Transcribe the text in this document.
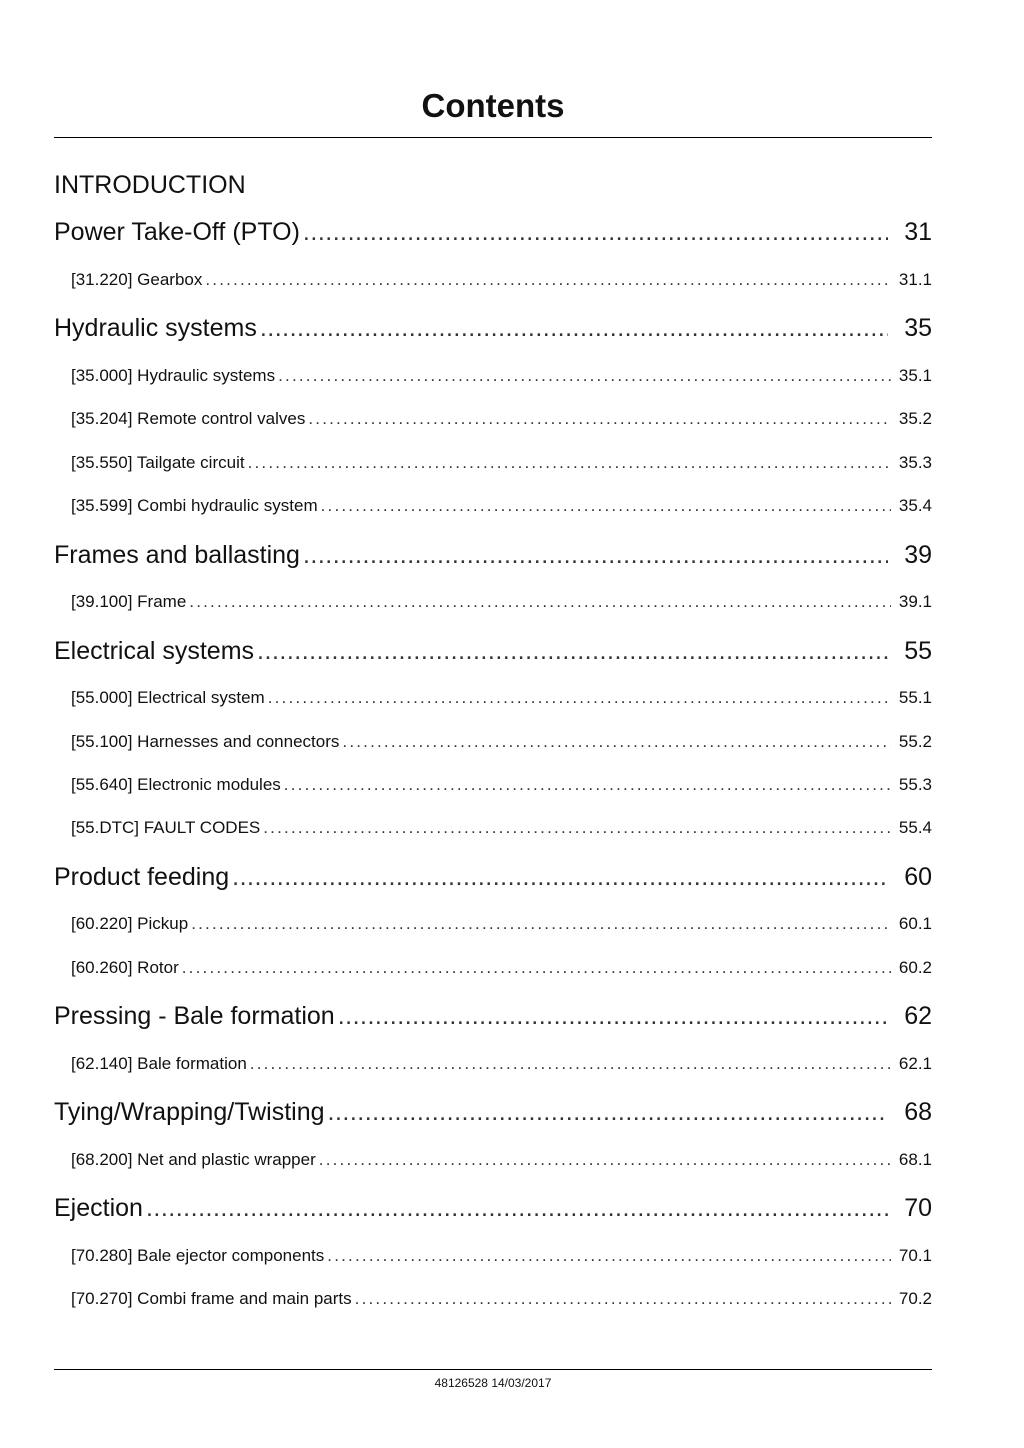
Contents
INTRODUCTION
Power Take-Off (PTO) .....	31
[31.220] Gearbox .....	31.1
Hydraulic systems .....	35
[35.000] Hydraulic systems .....	35.1
[35.204] Remote control valves .....	35.2
[35.550] Tailgate circuit .....	35.3
[35.599] Combi hydraulic system .....	35.4
Frames and ballasting .....	39
[39.100] Frame .....	39.1
Electrical systems .....	55
[55.000] Electrical system .....	55.1
[55.100] Harnesses and connectors .....	55.2
[55.640] Electronic modules .....	55.3
[55.DTC] FAULT CODES .....	55.4
Product feeding .....	60
[60.220] Pickup .....	60.1
[60.260] Rotor .....	60.2
Pressing - Bale formation .....	62
[62.140] Bale formation .....	62.1
Tying/Wrapping/Twisting .....	68
[68.200] Net and plastic wrapper .....	68.1
Ejection .....	70
[70.280] Bale ejector components .....	70.1
[70.270] Combi frame and main parts .....	70.2
48126528 14/03/2017
